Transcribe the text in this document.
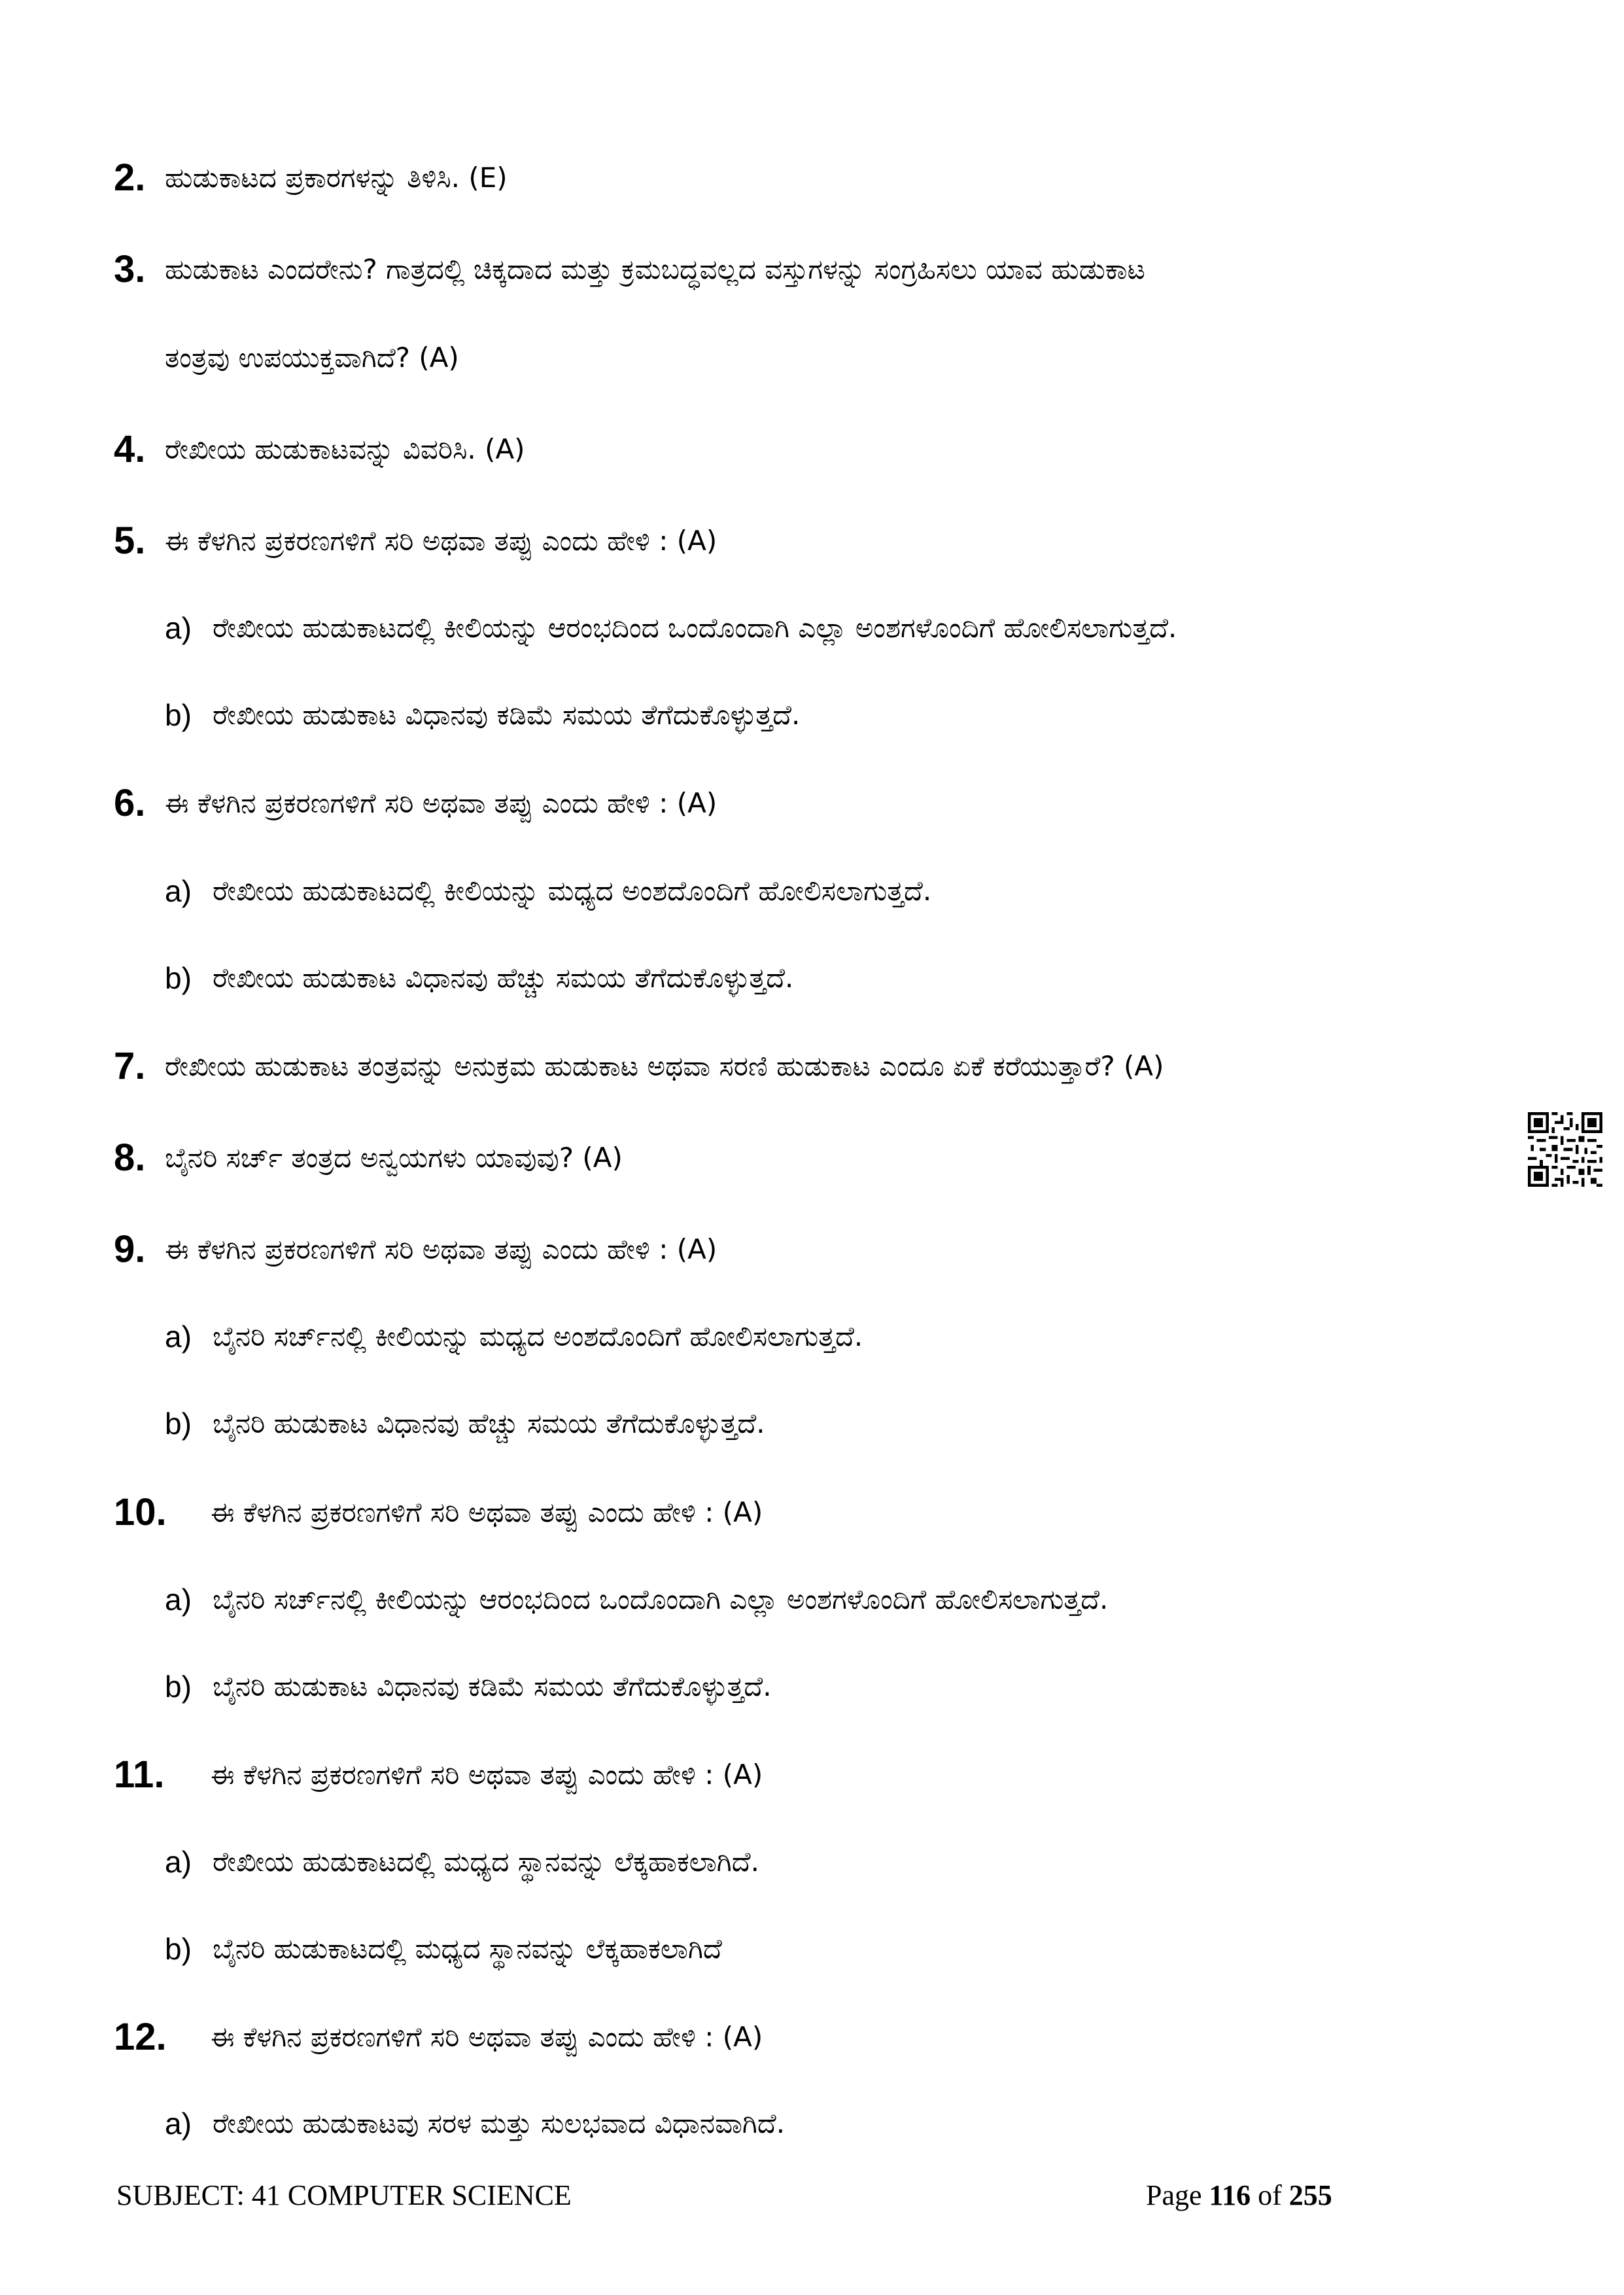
2. ಹುಡುಕಾಟದ ಪ್ರಕಾರಗಳನ್ನು ತಿಳಿಸಿ. (E)
3. ಹುಡುಕಾಟ ಎಂದರೇನು? ಗಾತ್ರದಲ್ಲಿ ಚಿಕ್ಕದಾದ ಮತ್ತು ಕ್ರಮಬದ್ಧವಲ್ಲದ ವಸ್ತುಗಳನ್ನು ಸಂಗ್ರಹಿಸಲು ಯಾವ ಹುಡುಕಾಟ
ತಂತ್ರವು ಉಪಯುಕ್ತವಾಗಿದೆ? (A)
4. ರೇಖೀಯ ಹುಡುಕಾಟವನ್ನು ವಿವರಿಸಿ. (A)
5. ಈ ಕೆಳಗಿನ ಪ್ರಕರಣಗಳಿಗೆ ಸರಿ ಅಥವಾ ತಪ್ಪು ಎಂದು ಹೇಳಿ : (A)
a) ರೇಖೀಯ ಹುಡುಕಾಟದಲ್ಲಿ ಕೀಲಿಯನ್ನು ಆರಂಭದಿಂದ ಒಂದೊಂದಾಗಿ ಎಲ್ಲಾ ಅಂಶಗಳೊಂದಿಗೆ ಹೋಲಿಸಲಾಗುತ್ತದೆ.
b) ರೇಖೀಯ ಹುಡುಕಾಟ ವಿಧಾನವು ಕಡಿಮೆ ಸಮಯ ತೆಗೆದುಕೊಳ್ಳುತ್ತದೆ.
6. ಈ ಕೆಳಗಿನ ಪ್ರಕರಣಗಳಿಗೆ ಸರಿ ಅಥವಾ ತಪ್ಪು ಎಂದು ಹೇಳಿ : (A)
a) ರೇಖೀಯ ಹುಡುಕಾಟದಲ್ಲಿ ಕೀಲಿಯನ್ನು ಮಧ್ಯದ ಅಂಶದೊಂದಿಗೆ ಹೋಲಿಸಲಾಗುತ್ತದೆ.
b) ರೇಖೀಯ ಹುಡುಕಾಟ ವಿಧಾನವು ಹೆಚ್ಚು ಸಮಯ ತೆಗೆದುಕೊಳ್ಳುತ್ತದೆ.
7. ರೇಖೀಯ ಹುಡುಕಾಟ ತಂತ್ರವನ್ನು ಅನುಕ್ರಮ ಹುಡುಕಾಟ ಅಥವಾ ಸರಣಿ ಹುಡುಕಾಟ ಎಂದೂ ಏಕೆ ಕರೆಯುತ್ತಾರೆ? (A)
8. ಬೈನರಿ ಸರ್ಚ್ ತಂತ್ರದ ಅನ್ವಯಗಳು ಯಾವುವು? (A)
9. ಈ ಕೆಳಗಿನ ಪ್ರಕರಣಗಳಿಗೆ ಸರಿ ಅಥವಾ ತಪ್ಪು ಎಂದು ಹೇಳಿ : (A)
a) ಬೈನರಿ ಸರ್ಚ್‌ನಲ್ಲಿ ಕೀಲಿಯನ್ನು ಮಧ್ಯದ ಅಂಶದೊಂದಿಗೆ ಹೋಲಿಸಲಾಗುತ್ತದೆ.
b) ಬೈನರಿ ಹುಡುಕಾಟ ವಿಧಾನವು ಹೆಚ್ಚು ಸಮಯ ತೆಗೆದುಕೊಳ್ಳುತ್ತದೆ.
10. ಈ ಕೆಳಗಿನ ಪ್ರಕರಣಗಳಿಗೆ ಸರಿ ಅಥವಾ ತಪ್ಪು ಎಂದು ಹೇಳಿ : (A)
a) ಬೈನರಿ ಸರ್ಚ್‌ನಲ್ಲಿ ಕೀಲಿಯನ್ನು ಆರಂಭದಿಂದ ಒಂದೊಂದಾಗಿ ಎಲ್ಲಾ ಅಂಶಗಳೊಂದಿಗೆ ಹೋಲಿಸಲಾಗುತ್ತದೆ.
b) ಬೈನರಿ ಹುಡುಕಾಟ ವಿಧಾನವು ಕಡಿಮೆ ಸಮಯ ತೆಗೆದುಕೊಳ್ಳುತ್ತದೆ.
11. ಈ ಕೆಳಗಿನ ಪ್ರಕರಣಗಳಿಗೆ ಸರಿ ಅಥವಾ ತಪ್ಪು ಎಂದು ಹೇಳಿ : (A)
a) ರೇಖೀಯ ಹುಡುಕಾಟದಲ್ಲಿ ಮಧ್ಯದ ಸ್ಥಾನವನ್ನು ಲೆಕ್ಕಹಾಕಲಾಗಿದೆ.
b) ಬೈನರಿ ಹುಡುಕಾಟದಲ್ಲಿ ಮಧ್ಯದ ಸ್ಥಾನವನ್ನು ಲೆಕ್ಕಹಾಕಲಾಗಿದೆ
12. ಈ ಕೆಳಗಿನ ಪ್ರಕರಣಗಳಿಗೆ ಸರಿ ಅಥವಾ ತಪ್ಪು ಎಂದು ಹೇಳಿ : (A)
a) ರೇಖೀಯ ಹುಡುಕಾಟವು ಸರಳ ಮತ್ತು ಸುಲಭವಾದ ವಿಧಾನವಾಗಿದೆ.
SUBJECT: 41 COMPUTER SCIENCE	Page 116 of 255
